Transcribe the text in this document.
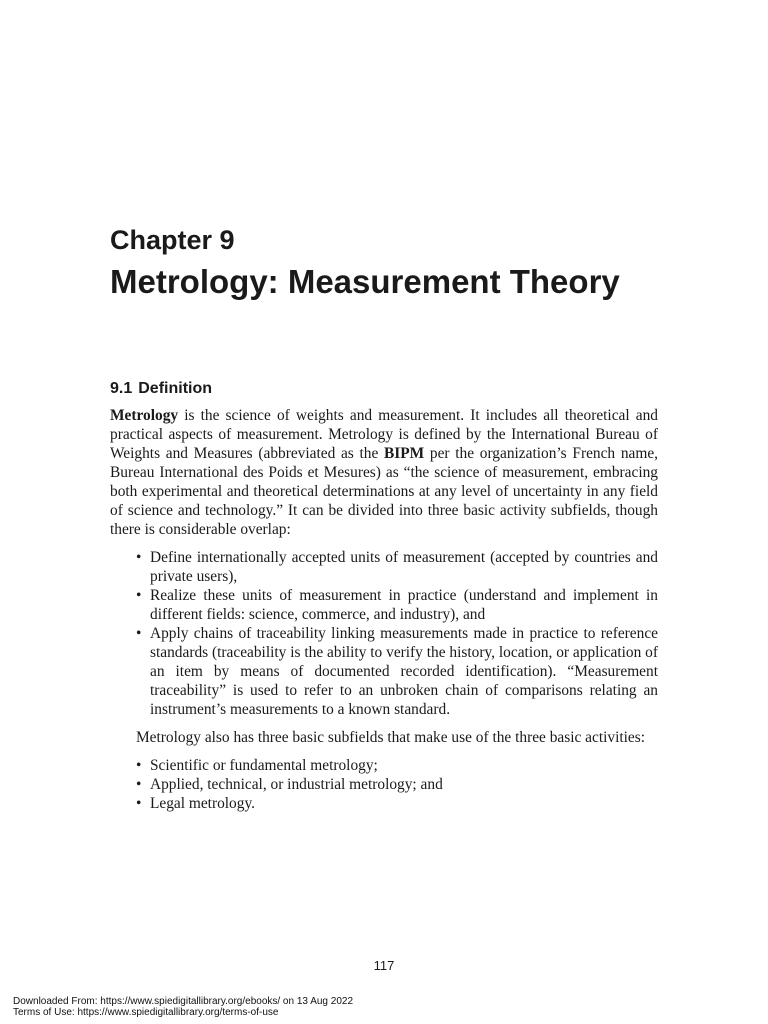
Chapter 9
Metrology: Measurement Theory
9.1 Definition

Metrology is the science of weights and measurement. It includes all theoretical and practical aspects of measurement. Metrology is defined by the International Bureau of Weights and Measures (abbreviated as the BIPM per the organization’s French name, Bureau International des Poids et Mesures) as “the science of measurement, embracing both experimental and theoretical determinations at any level of uncertainty in any field of science and technology.” It can be divided into three basic activity subfields, though there is considerable overlap:

• Define internationally accepted units of measurement (accepted by countries and private users),
• Realize these units of measurement in practice (understand and implement in different fields: science, commerce, and industry), and
• Apply chains of traceability linking measurements made in practice to reference standards (traceability is the ability to verify the history, location, or application of an item by means of documented recorded identification). “Measurement traceability” is used to refer to an unbroken chain of comparisons relating an instrument’s measurements to a known standard.

Metrology also has three basic subfields that make use of the three basic activities:

• Scientific or fundamental metrology;
• Applied, technical, or industrial metrology; and
• Legal metrology.

117

Downloaded From: https://www.spiedigitallibrary.org/ebooks/ on 13 Aug 2022
Terms of Use: https://www.spiedigitallibrary.org/terms-of-use
